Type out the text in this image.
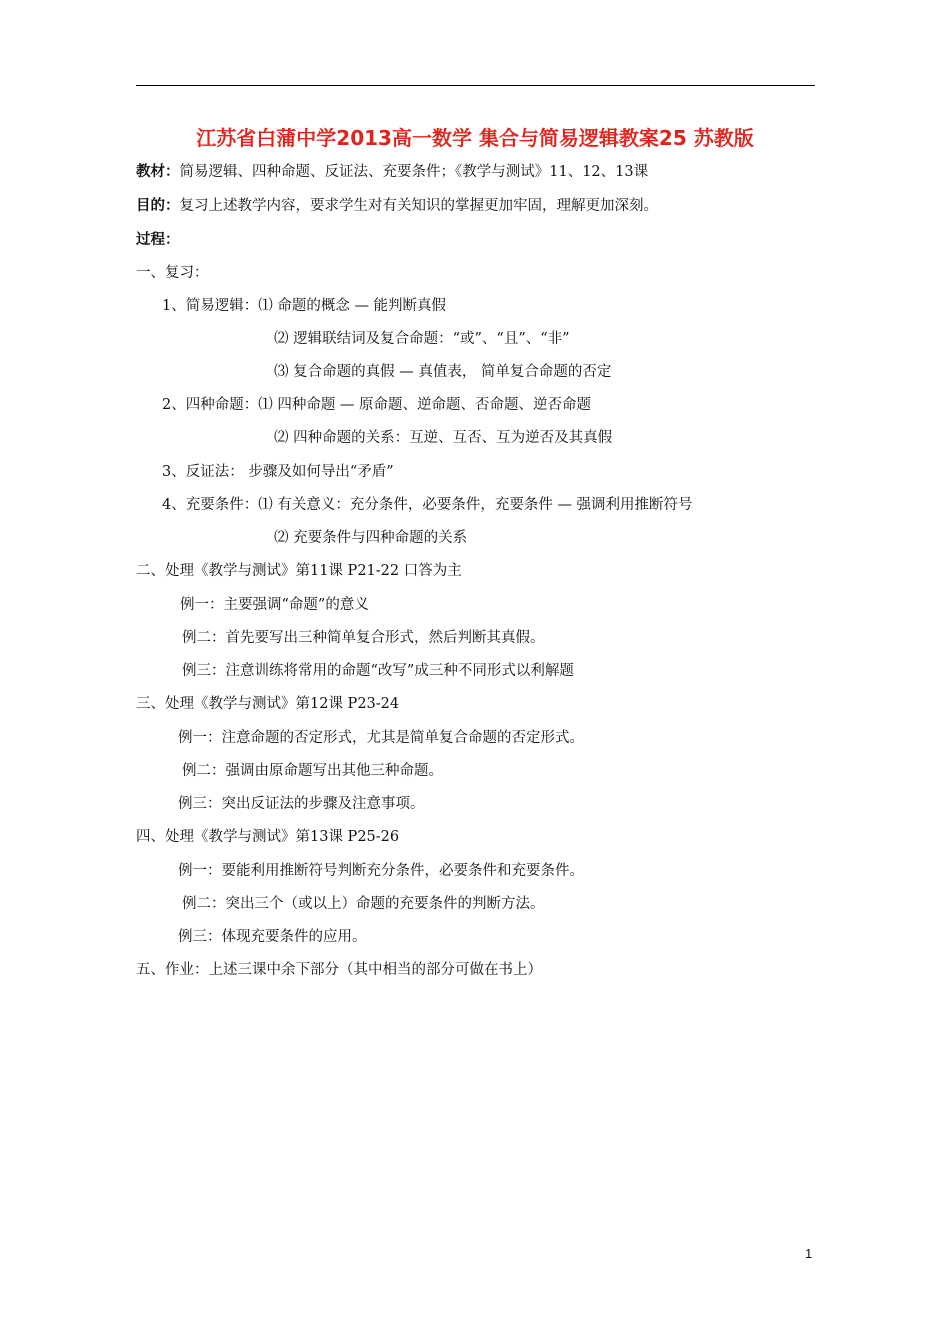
江苏省白蒲中学2013高一数学 集合与简易逻辑教案25 苏教版
教材：简易逻辑、四种命题、反证法、充要条件；《教学与测试》11、12、13课
目的：复习上述教学内容，要求学生对有关知识的掌握更加牢固，理解更加深刻。
过程：
一、复习：
1、简易逻辑：⑴ 命题的概念 — 能判断真假
⑵ 逻辑联结词及复合命题：“或”、“且”、“非”
⑶ 复合命题的真假 — 真值表， 简单复合命题的否定
2、四种命题：⑴ 四种命题 — 原命题、逆命题、否命题、逆否命题
⑵ 四种命题的关系：互逆、互否、互为逆否及其真假
3、反证法： 步骤及如何导出“矛盾”
4、充要条件：⑴ 有关意义：充分条件，必要条件，充要条件 — 强调利用推断符号
⑵ 充要条件与四种命题的关系
二、处理《教学与测试》第11课 P21-22 口答为主
例一：主要强调“命题”的意义
例二：首先要写出三种简单复合形式，然后判断其真假。
例三：注意训练将常用的命题“改写”成三种不同形式以利解题
三、处理《教学与测试》第12课 P23-24
例一：注意命题的否定形式，尤其是简单复合命题的否定形式。
例二：强调由原命题写出其他三种命题。
例三：突出反证法的步骤及注意事项。
四、处理《教学与测试》第13课 P25-26
例一：要能利用推断符号判断充分条件，必要条件和充要条件。
例二：突出三个（或以上）命题的充要条件的判断方法。
例三：体现充要条件的应用。
五、作业：上述三课中余下部分（其中相当的部分可做在书上）
1
